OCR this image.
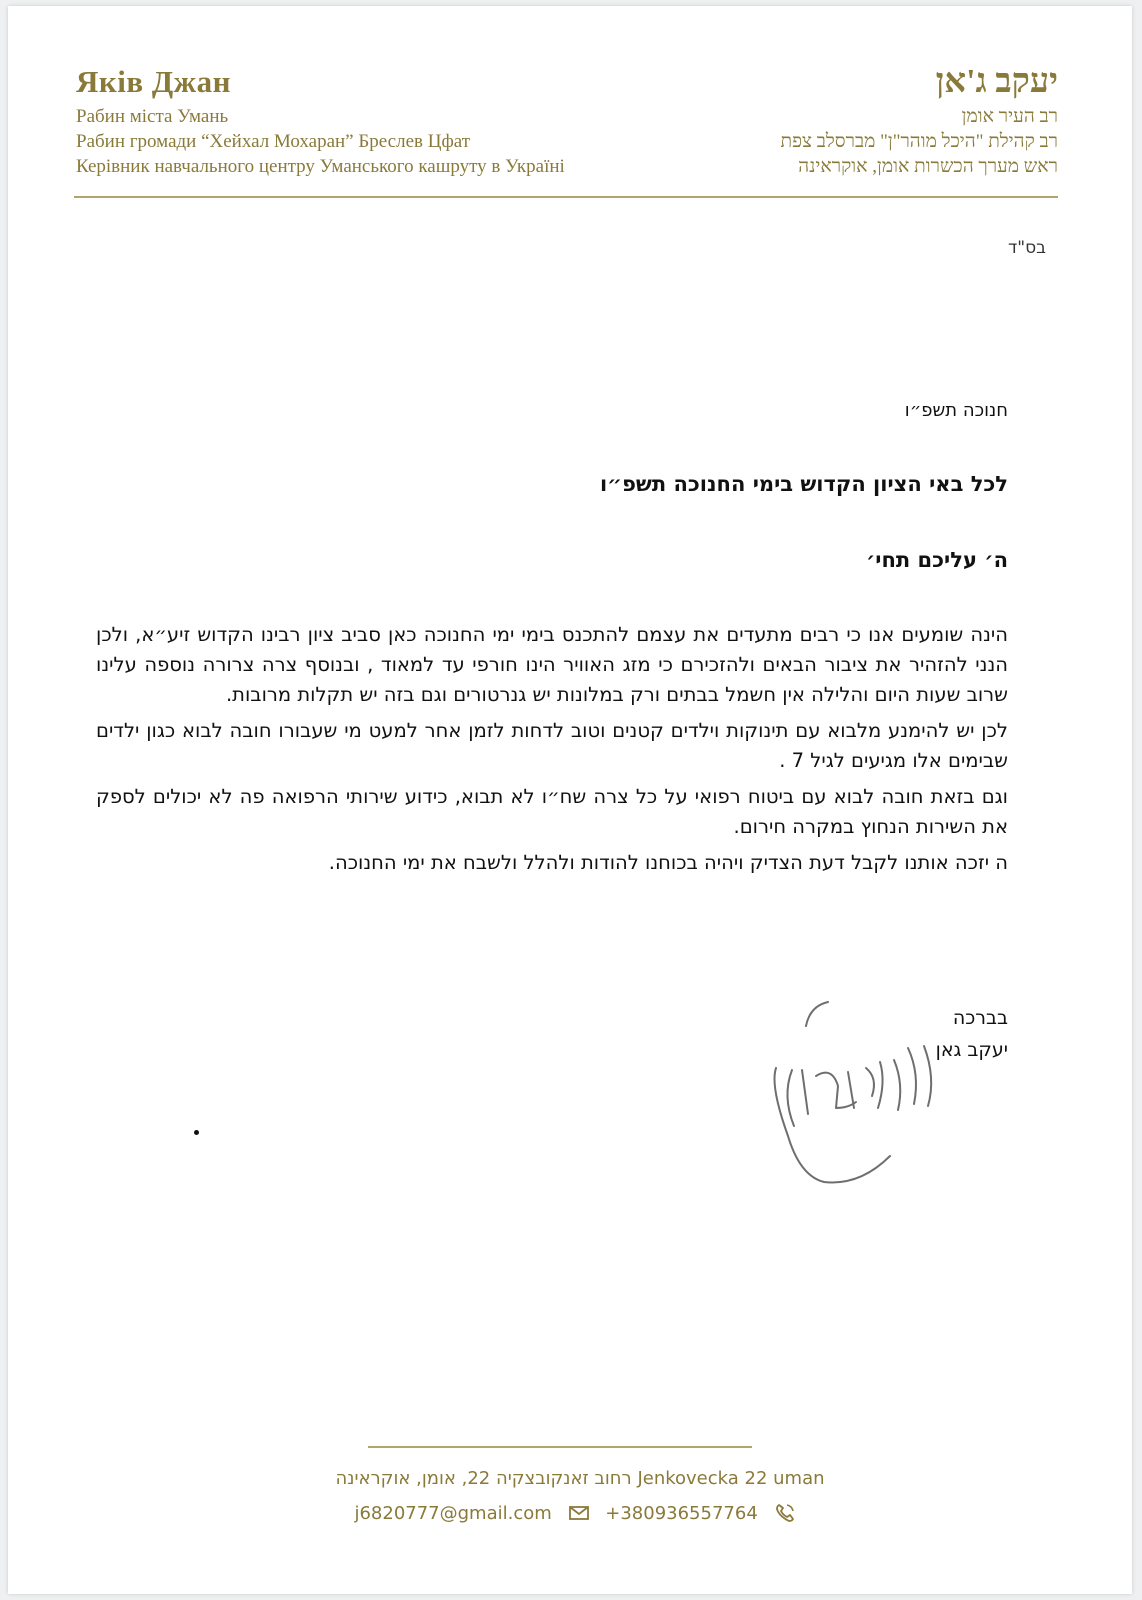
Яків Джан
Рабин міста Умань
Рабин громади “Хейхал Мохаран” Бреслев Цфат
Керівник навчального центру Уманського кашруту в Україні
יעקב ג'אן
רב העיר אומן
רב קהילת "היכל מוהר"ן" מברסלב צפת
ראש מערך הכשרות אומן, אוקראינה
בס"ד
חנוכה תשפ״ו
לכל באי הציון הקדוש בימי החנוכה תשפ״ו
ה׳ עליכם תחי׳

הינה שומעים אנו כי רבים מתעדים את עצמם להתכנס בימי ימי החנוכה כאן סביב ציון רבינו הקדוש זיע״א, ולכן הנני להזהיר את ציבור הבאים ולהזכירם כי מזג האוויר הינו חורפי עד למאוד , ובנוסף צרה צרורה נוספה עלינו שרוב שעות היום והלילה אין חשמל בבתים ורק במלונות יש גנרטורים וגם בזה יש תקלות מרובות.

לכן יש להימנע מלבוא עם תינוקות וילדים קטנים וטוב לדחות לזמן אחר למעט מי שעבורו חובה לבוא כגון ילדים שבימים אלו מגיעים לגיל 7 .

וגם בזאת חובה לבוא עם ביטוח רפואי על כל צרה שח״ו לא תבוא, כידוע שירותי הרפואה פה לא יכולים לספק את השירות הנחוץ במקרה חירום.

ה יזכה אותנו לקבל דעת הצדיק ויהיה בכוחנו להודות ולהלל ולשבח את ימי החנוכה.

בברכה
יעקב גאן
רחוב זאנקובצקיה 22, אומן, אוקראינה Jenkovecka 22 uman
j6820777@gmail.com	+380936557764
